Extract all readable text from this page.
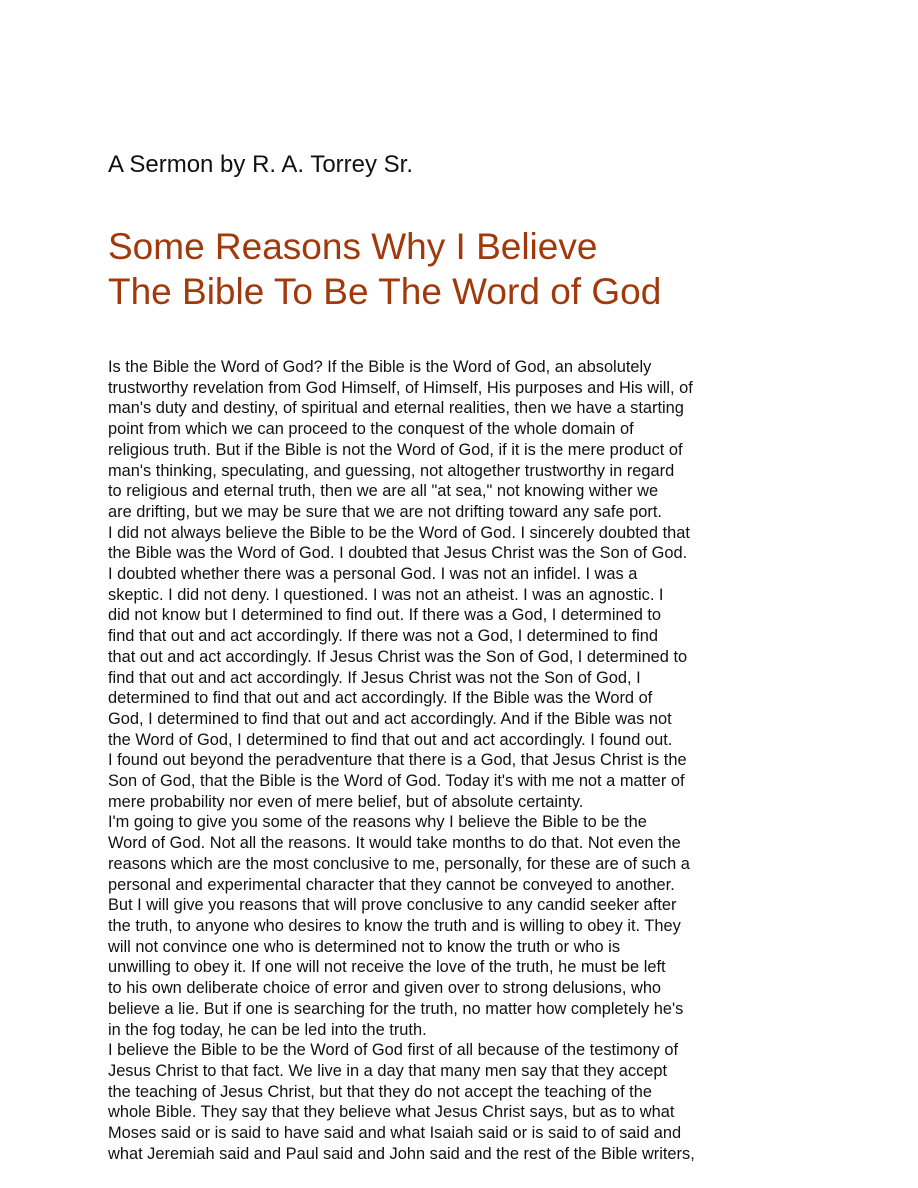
A Sermon by R. A. Torrey Sr.
Some Reasons Why I Believe
The Bible To Be The Word of God
Is the Bible the Word of God? If the Bible is the Word of God, an absolutely
trustworthy revelation from God Himself, of Himself, His purposes and His will, of
man's duty and destiny, of spiritual and eternal realities, then we have a starting
point from which we can proceed to the conquest of the whole domain of
religious truth. But if the Bible is not the Word of God, if it is the mere product of
man's thinking, speculating, and guessing, not altogether trustworthy in regard
to religious and eternal truth, then we are all "at sea," not knowing wither we
are drifting, but we may be sure that we are not drifting toward any safe port.
I did not always believe the Bible to be the Word of God. I sincerely doubted that
the Bible was the Word of God. I doubted that Jesus Christ was the Son of God.
I doubted whether there was a personal God. I was not an infidel. I was a
skeptic. I did not deny. I questioned. I was not an atheist. I was an agnostic. I
did not know but I determined to find out. If there was a God, I determined to
find that out and act accordingly. If there was not a God, I determined to find
that out and act accordingly. If Jesus Christ was the Son of God, I determined to
find that out and act accordingly. If Jesus Christ was not the Son of God, I
determined to find that out and act accordingly. If the Bible was the Word of
God, I determined to find that out and act accordingly. And if the Bible was not
the Word of God, I determined to find that out and act accordingly. I found out.
I found out beyond the peradventure that there is a God, that Jesus Christ is the
Son of God, that the Bible is the Word of God. Today it's with me not a matter of
mere probability nor even of mere belief, but of absolute certainty.
I'm going to give you some of the reasons why I believe the Bible to be the
Word of God. Not all the reasons. It would take months to do that. Not even the
reasons which are the most conclusive to me, personally, for these are of such a
personal and experimental character that they cannot be conveyed to another.
But I will give you reasons that will prove conclusive to any candid seeker after
the truth, to anyone who desires to know the truth and is willing to obey it. They
will not convince one who is determined not to know the truth or who is
unwilling to obey it. If one will not receive the love of the truth, he must be left
to his own deliberate choice of error and given over to strong delusions, who
believe a lie. But if one is searching for the truth, no matter how completely he's
in the fog today, he can be led into the truth.
I believe the Bible to be the Word of God first of all because of the testimony of
Jesus Christ to that fact. We live in a day that many men say that they accept
the teaching of Jesus Christ, but that they do not accept the teaching of the
whole Bible. They say that they believe what Jesus Christ says, but as to what
Moses said or is said to have said and what Isaiah said or is said to of said and
what Jeremiah said and Paul said and John said and the rest of the Bible writers,
